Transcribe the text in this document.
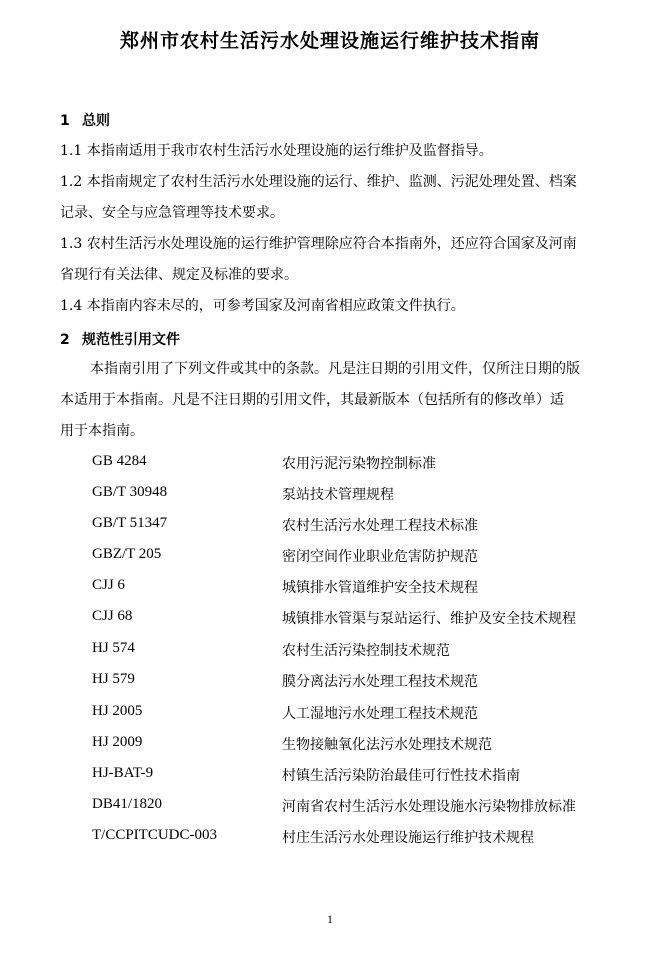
郑州市农村生活污水处理设施运行维护技术指南
1 总则
1.1 本指南适用于我市农村生活污水处理设施的运行维护及监督指导。
1.2 本指南规定了农村生活污水处理设施的运行、维护、监测、污泥处理处置、档案
记录、安全与应急管理等技术要求。
1.3 农村生活污水处理设施的运行维护管理除应符合本指南外，还应符合国家及河南
省现行有关法律、规定及标准的要求。
1.4 本指南内容未尽的，可参考国家及河南省相应政策文件执行。
2 规范性引用文件
本指南引用了下列文件或其中的条款。凡是注日期的引用文件，仅所注日期的版
本适用于本指南。凡是不注日期的引用文件，其最新版本（包括所有的修改单）适
用于本指南。
GB 4284	农用污泥污染物控制标准
GB/T 30948	泵站技术管理规程
GB/T 51347	农村生活污水处理工程技术标准
GBZ/T 205	密闭空间作业职业危害防护规范
CJJ 6	城镇排水管道维护安全技术规程
CJJ 68	城镇排水管渠与泵站运行、维护及安全技术规程
HJ 574	农村生活污染控制技术规范
HJ 579	膜分离法污水处理工程技术规范
HJ 2005	人工湿地污水处理工程技术规范
HJ 2009	生物接触氧化法污水处理技术规范
HJ-BAT-9	村镇生活污染防治最佳可行性技术指南
DB41/1820	河南省农村生活污水处理设施水污染物排放标准
T/CCPITCUDC-003	村庄生活污水处理设施运行维护技术规程
1
